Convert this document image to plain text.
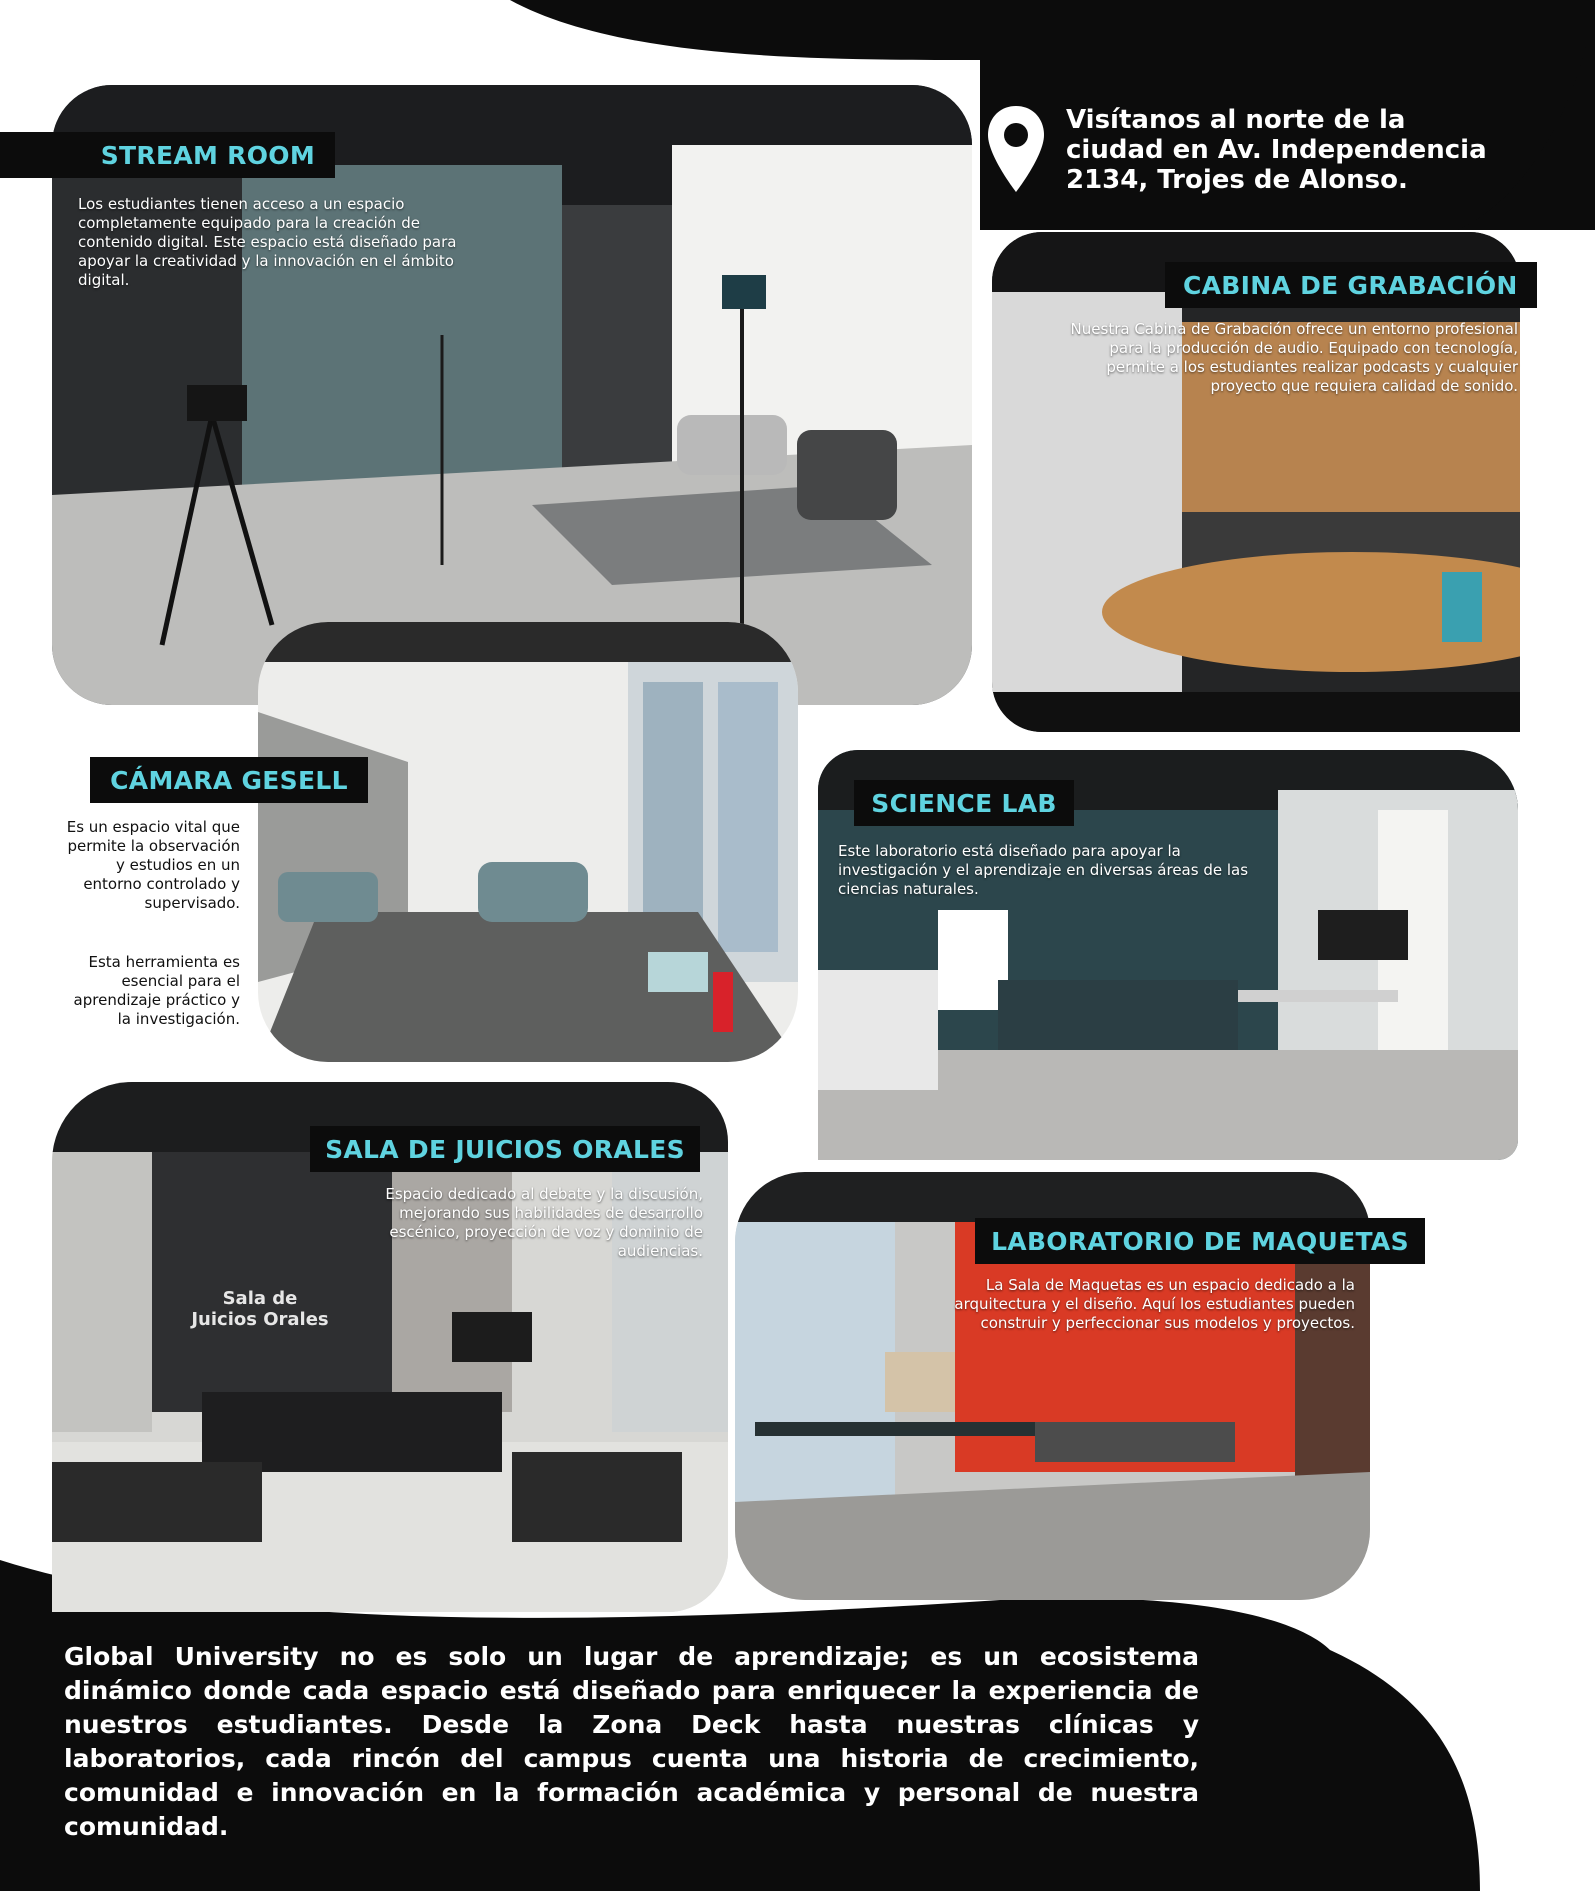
Visítanos al norte de la ciudad en Av. Independencia 2134, Trojes de Alonso.
STREAM ROOM
Los estudiantes tienen acceso a un espacio completamente equipado para la creación de contenido digital. Este espacio está diseñado para apoyar la creatividad y la innovación en el ámbito digital.	CABINA DE GRABACIÓN
Nuestra Cabina de Grabación ofrece un entorno profesional para la producción de audio. Equipado con tecnología, permite a los estudiantes realizar podcasts y cualquier proyecto que requiera calidad de sonido.
CÁMARA GESELL
Es un espacio vital que permite la observación y estudios en un entorno controlado y supervisado.
Esta herramienta es esencial para el aprendizaje práctico y la investigación.
SCIENCE LAB
Este laboratorio está diseñado para apoyar la investigación y el aprendizaje en diversas áreas de las ciencias naturales.
SALA DE JUICIOS ORALES
Espacio dedicado al debate y la discusión, mejorando sus habilidades de desarrollo escénico, proyección de voz y dominio de audiencias.
Sala de
Juicios Orales
LABORATORIO DE MAQUETAS
La Sala de Maquetas es un espacio dedicado a la arquitectura y el diseño. Aquí los estudiantes pueden construir y perfeccionar sus modelos y proyectos.

Global University no es solo un lugar de aprendizaje; es un ecosistema dinámico donde cada espacio está diseñado para enriquecer la experiencia de nuestros estudiantes. Desde la Zona Deck hasta nuestras clínicas y laboratorios, cada rincón del campus cuenta una historia de crecimiento, comunidad e innovación en la formación académica y personal de nuestra comunidad.
